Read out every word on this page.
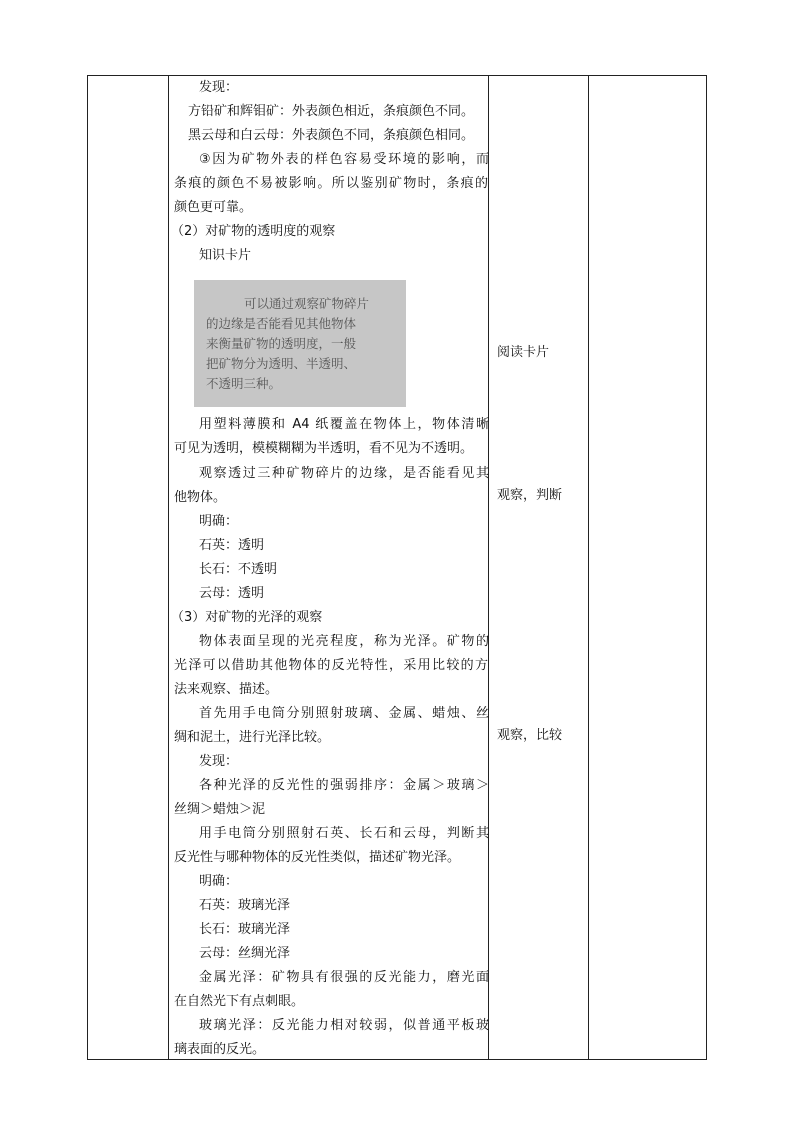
发现：
方铅矿和辉钼矿：外表颜色相近，条痕颜色不同。
黑云母和白云母：外表颜色不同，条痕颜色相同。
③因为矿物外表的样色容易受环境的影响，而
条痕的颜色不易被影响。所以鉴别矿物时，条痕的
颜色更可靠。
（2）对矿物的透明度的观察
知识卡片
可以通过观察矿物碎片
的边缘是否能看见其他物体
来衡量矿物的透明度，一般
把矿物分为透明、半透明、
不透明三种。
用塑料薄膜和 A4 纸覆盖在物体上，物体清晰
可见为透明，模模糊糊为半透明，看不见为不透明。
观察透过三种矿物碎片的边缘，是否能看见其
他物体。
明确：
石英：透明
长石：不透明
云母：透明
（3）对矿物的光泽的观察
物体表面呈现的光亮程度，称为光泽。矿物的
光泽可以借助其他物体的反光特性，采用比较的方
法来观察、描述。
首先用手电筒分别照射玻璃、金属、蜡烛、丝
绸和泥土，进行光泽比较。
发现：
各种光泽的反光性的强弱排序：金属＞玻璃＞
丝绸＞蜡烛＞泥
用手电筒分别照射石英、长石和云母，判断其
反光性与哪种物体的反光性类似，描述矿物光泽。
明确：
石英：玻璃光泽
长石：玻璃光泽
云母：丝绸光泽
金属光泽：矿物具有很强的反光能力，磨光面
在自然光下有点刺眼。
玻璃光泽：反光能力相对较弱，似普通平板玻
璃表面的反光。
阅读卡片
观察，判断
观察，比较
